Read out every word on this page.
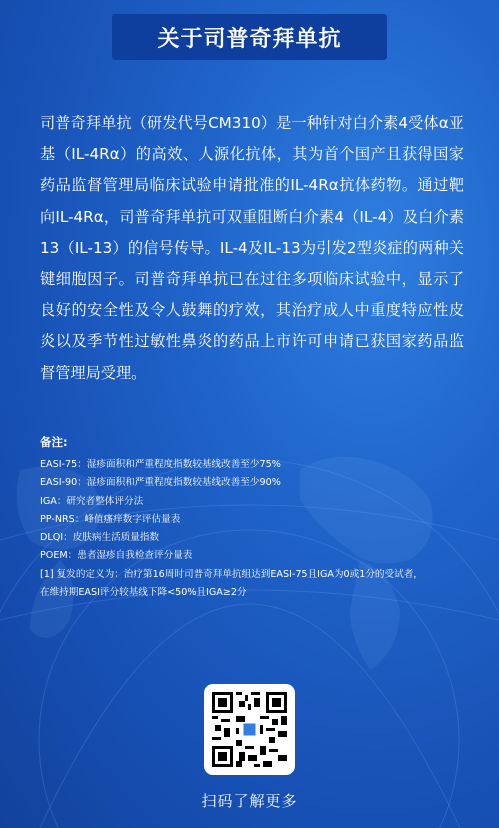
关于司普奇拜单抗

司普奇拜单抗（研发代号CM310）是一种针对白介素4受体α亚基（IL-4Rα）的高效、人源化抗体，其为首个国产且获得国家药品监督管理局临床试验申请批准的IL-4Rα抗体药物。通过靶向IL-4Rα，司普奇拜单抗可双重阻断白介素4（IL-4）及白介素13（IL-13）的信号传导。IL-4及IL-13为引发2型炎症的两种关键细胞因子。司普奇拜单抗已在过往多项临床试验中，显示了良好的安全性及令人鼓舞的疗效，其治疗成人中重度特应性皮炎以及季节性过敏性鼻炎的药品上市许可申请已获国家药品监督管理局受理。

备注:

EASI-75：湿疹面积和严重程度指数较基线改善至少75%

EASI-90：湿疹面积和严重程度指数较基线改善至少90%

IGA：研究者整体评分法

PP-NRS：峰值瘙痒数字评估量表

DLQI：皮肤病生活质量指数

POEM：患者湿疹自我检查评分量表

[1] 复发的定义为：治疗第16周时司普奇拜单抗组达到EASI-75且IGA为0或1分的受试者，

在维持期EASI评分较基线下降<50%且IGA≥2分

扫码了解更多
